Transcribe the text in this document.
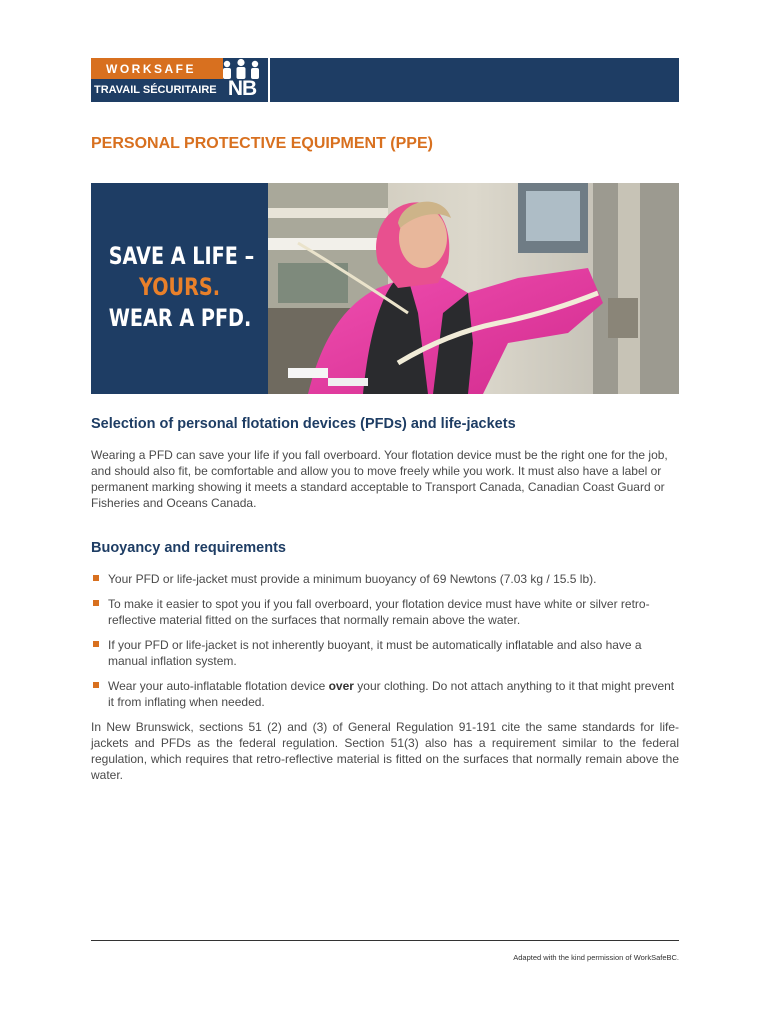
WORKSAFE
TRAVAIL SÉCURITAIRE NB
PERSONAL PROTECTIVE EQUIPMENT (PPE)
SAVE A LIFE –
YOURS.
WEAR A PFD.
Selection of personal flotation devices (PFDs) and life-jackets
Wearing a PFD can save your life if you fall overboard. Your flotation device must be the right one for the job, and should also fit, be comfortable and allow you to move freely while you work. It must also have a label or permanent marking showing it meets a standard acceptable to Transport Canada, Canadian Coast Guard or Fisheries and Oceans Canada.
Buoyancy and requirements
Your PFD or life-jacket must provide a minimum buoyancy of 69 Newtons (7.03 kg / 15.5 lb).
To make it easier to spot you if you fall overboard, your flotation device must have white or silver retro-reflective material fitted on the surfaces that normally remain above the water.
If your PFD or life-jacket is not inherently buoyant, it must be automatically inflatable and also have a manual inflation system.
Wear your auto-inflatable flotation device over your clothing. Do not attach anything to it that might prevent it from inflating when needed.
In New Brunswick, sections 51 (2) and (3) of General Regulation 91-191 cite the same standards for life-jackets and PFDs as the federal regulation. Section 51(3) also has a requirement similar to the federal regulation, which requires that retro-reflective material is fitted on the surfaces that normally remain above the water.
Adapted with the kind permission of WorkSafeBC.
